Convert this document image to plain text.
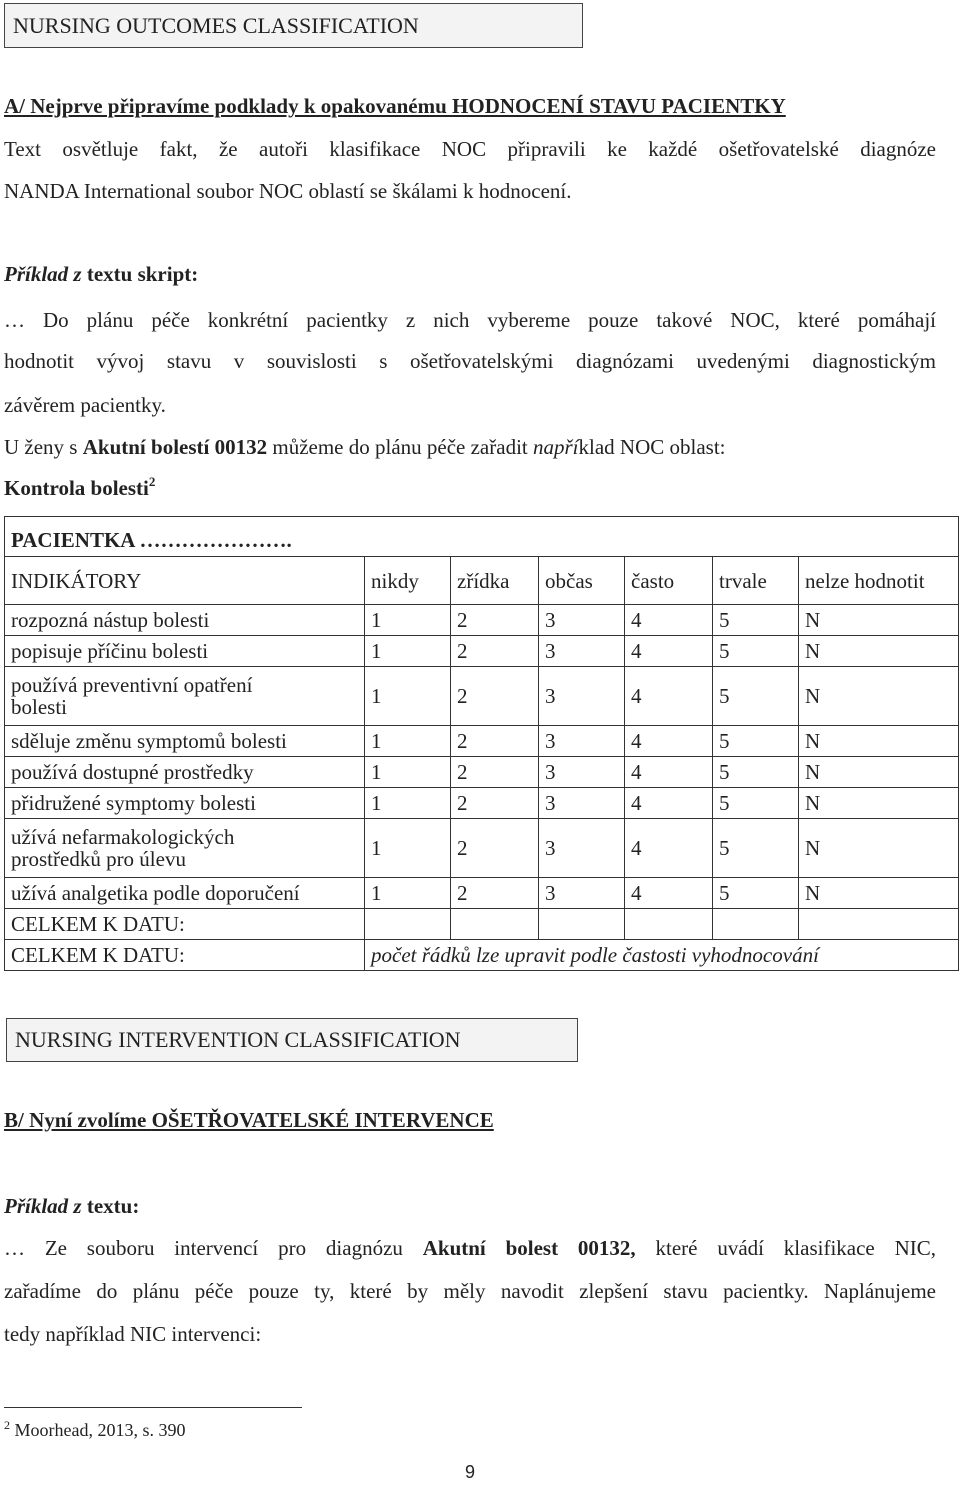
NURSING OUTCOMES CLASSIFICATION
A/ Nejprve připravíme podklady k opakovanému HODNOCENÍ STAVU PACIENTKY
Text osvětluje fakt, že autoři klasifikace NOC připravili ke každé ošetřovatelské diagnóze
NANDA International soubor NOC oblastí se škálami k hodnocení.
Příklad z textu skript:
… Do plánu péče konkrétní pacientky z nich vybereme pouze takové NOC, které pomáhají
hodnotit vývoj stavu v souvislosti s ošetřovatelskými diagnózami uvedenými diagnostickým
závěrem pacientky.
U ženy s Akutní bolestí 00132 můžeme do plánu péče zařadit například NOC oblast:
Kontrola bolesti$^2$
PACIENTKA ………………….						
INDIKÁTORY	nikdy	zřídka	občas	často	trvale	nelze hodnotit
rozpozná nástup bolesti	1	2	3	4	5	N
popisuje příčinu bolesti	1	2	3	4	5	N
používá preventivní opatření bolesti	1	2	3	4	5	N
sděluje změnu symptomů bolesti	1	2	3	4	5	N
používá dostupné prostředky	1	2	3	4	5	N
přidružené symptomy bolesti	1	2	3	4	5	N
užívá nefarmakologických prostředků pro úlevu	1	2	3	4	5	N
užívá analgetika podle doporučení	1	2	3	4	5	N
CELKEM K DATU:						
CELKEM K DATU:	počet řádků lze upravit podle častosti vyhodnocování					
NURSING INTERVENTION CLASSIFICATION
B/ Nyní zvolíme OŠETŘOVATELSKÉ INTERVENCE
Příklad z textu:
… Ze souboru intervencí pro diagnózu Akutní bolest 00132, které uvádí klasifikace NIC,
zařadíme do plánu péče pouze ty, které by měly navodit zlepšení stavu pacientky. Naplánujeme
tedy například NIC intervenci:
$^2$ Moorhead, 2013, s. 390
9
